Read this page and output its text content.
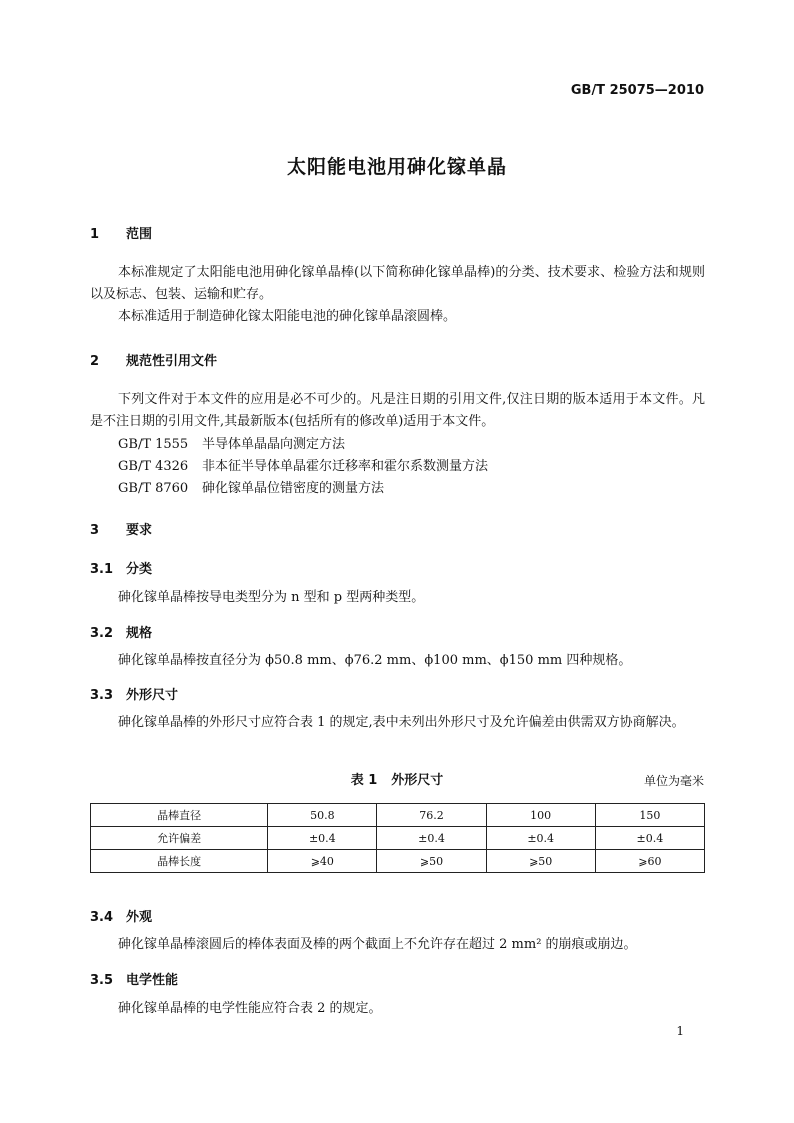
GB/T 25075—2010
太阳能电池用砷化镓单晶
1 范围
本标准规定了太阳能电池用砷化镓单晶棒(以下简称砷化镓单晶棒)的分类、技术要求、检验方法和规则以及标志、包装、运输和贮存。
本标准适用于制造砷化镓太阳能电池的砷化镓单晶滚圆棒。
2 规范性引用文件
下列文件对于本文件的应用是必不可少的。凡是注日期的引用文件,仅注日期的版本适用于本文件。凡是不注日期的引用文件,其最新版本(包括所有的修改单)适用于本文件。
GB/T 1555 半导体单晶晶向测定方法
GB/T 4326 非本征半导体单晶霍尔迁移率和霍尔系数测量方法
GB/T 8760 砷化镓单晶位错密度的测量方法
3 要求
3.1 分类
砷化镓单晶棒按导电类型分为 n 型和 p 型两种类型。
3.2 规格
砷化镓单晶棒按直径分为 ϕ50.8 mm、ϕ76.2 mm、ϕ100 mm、ϕ150 mm 四种规格。
3.3 外形尺寸
砷化镓单晶棒的外形尺寸应符合表 1 的规定,表中未列出外形尺寸及允许偏差由供需双方协商解决。
表 1 外形尺寸	单位为毫米
晶棒直径	50.8	76.2	100	150
允许偏差	±0.4	±0.4	±0.4	±0.4
晶棒长度	⩾40	⩾50	⩾50	⩾60
3.4 外观
砷化镓单晶棒滚圆后的棒体表面及棒的两个截面上不允许存在超过 2 mm² 的崩痕或崩边。
3.5 电学性能
砷化镓单晶棒的电学性能应符合表 2 的规定。
1
